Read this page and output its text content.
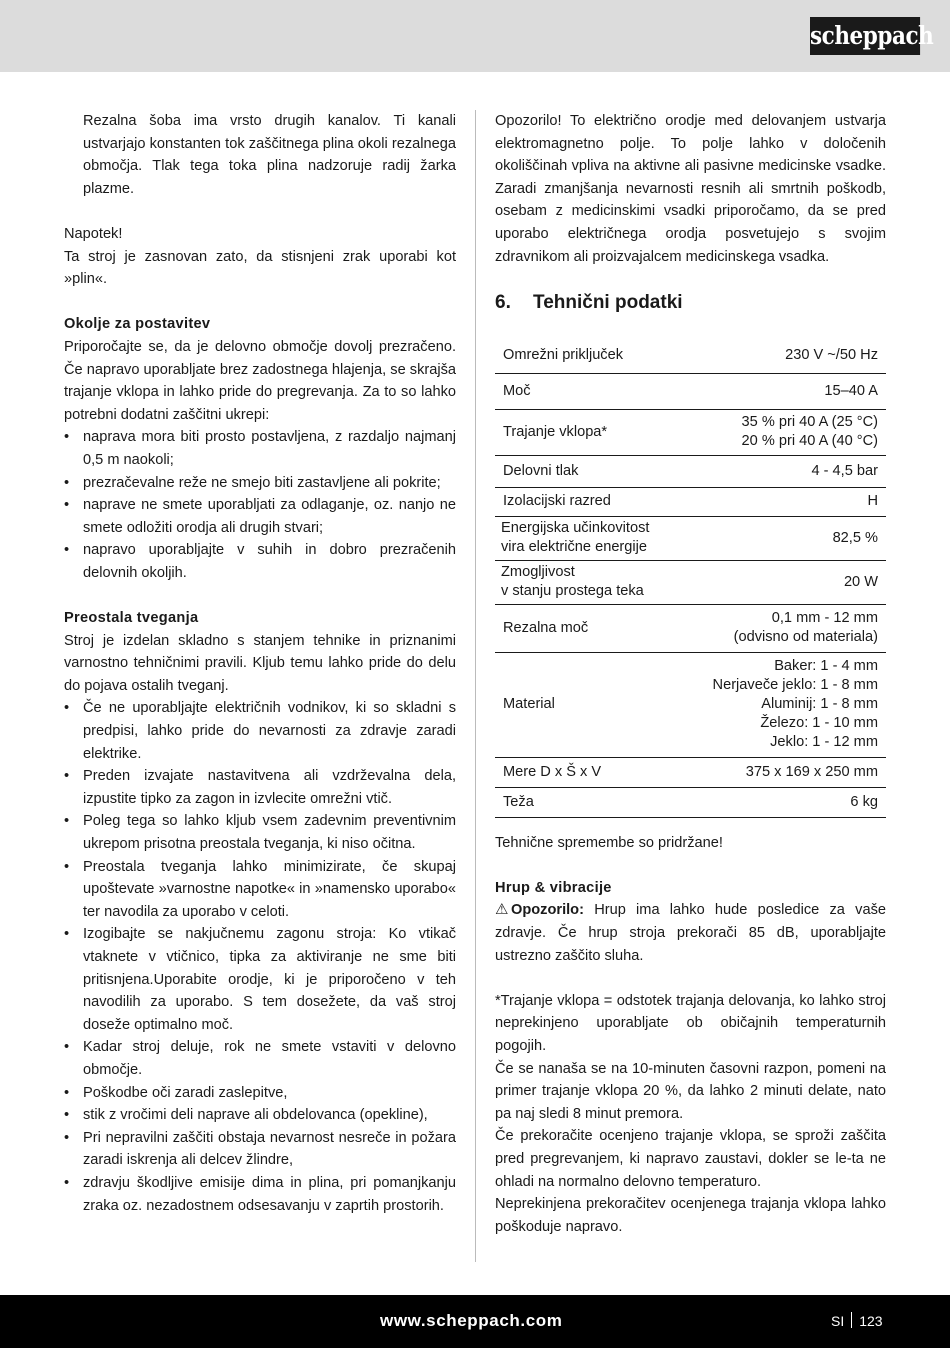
scheppach

Rezalna šoba ima vrsto drugih kanalov. Ti kanali ustvarjajo konstanten tok zaščitnega plina okoli rezalnega območja. Tlak tega toka plina nadzoruje radij žarka plazme.

Napotek!

Ta stroj je zasnovan zato, da stisnjeni zrak uporabi kot »plin«.

Okolje za postavitev

Priporočajte se, da je delovno območje dovolj prezračeno. Če napravo uporabljate brez zadostnega hlajenja, se skrajša trajanje vklopa in lahko pride do pregrevanja. Za to so lahko potrebni dodatni zaščitni ukrepi:

• naprava mora biti prosto postavljena, z razdaljo najmanj 0,5 m naokoli;
• prezračevalne reže ne smejo biti zastavljene ali pokrite;
• naprave ne smete uporabljati za odlaganje, oz. nanjo ne smete odložiti orodja ali drugih stvari;
• napravo uporabljajte v suhih in dobro prezračenih delovnih okoljih.

Preostala tveganja

Stroj je izdelan skladno s stanjem tehnike in priznanimi varnostno tehničnimi pravili. Kljub temu lahko pride do delu do pojava ostalih tveganj.

• Če ne uporabljajte električnih vodnikov, ki so skladni s predpisi, lahko pride do nevarnosti za zdravje zaradi elektrike.
• Preden izvajate nastavitvena ali vzdrževalna dela, izpustite tipko za zagon in izvlecite omrežni vtič.
• Poleg tega so lahko kljub vsem zadevnim preventivnim ukrepom prisotna preostala tveganja, ki niso očitna.
• Preostala tveganja lahko minimizirate, če skupaj upoštevate »varnostne napotke« in »namensko uporabo« ter navodila za uporabo v celoti.
• Izogibajte se nakjučnemu zagonu stroja: Ko vtikač vtaknete v vtičnico, tipka za aktiviranje ne sme biti pritisnjena.Uporabite orodje, ki je priporočeno v teh navodilih za uporabo. S tem dosežete, da vaš stroj doseže optimalno moč.
• Kadar stroj deluje, rok ne smete vstaviti v delovno območje.
• Poškodbe oči zaradi zaslepitve,
• stik z vročimi deli naprave ali obdelovanca (opekline),
• Pri nepravilni zaščiti obstaja nevarnost nesreče in požara zaradi iskrenja ali delcev žlindre,
• zdravju škodljive emisije dima in plina, pri pomanjkanju zraka oz. nezadostnem odsesavanju v zaprtih prostorih.

Opozorilo! To električno orodje med delovanjem ustvarja elektromagnetno polje. To polje lahko v določenih okoliščinah vpliva na aktivne ali pasivne medicinske vsadke. Zaradi zmanjšanja nevarnosti resnih ali smrtnih poškodb, osebam z medicinskimi vsadki priporočamo, da se pred uporabo električnega orodja posvetujejo s svojim zdravnikom ali proizvajalcem medicinskega vsadka.

6. Tehnični podatki
Omrežni priključek	230 V ~/50 Hz
Moč	15–40 A
Trajanje vklopa*	35 % pri 40 A (25 °C)
20 % pri 40 A (40 °C)

Delovni tlak	4 - 4,5 bar
Izolacijski razred	H

Energijska učinkovitost
vira električne energije	82,5 %

Zmogljivost
v stanju prostega teka	20 W
Rezalna moč	0,1 mm - 12 mm
(odvisno od materiala)

Material	Baker: 1 - 4 mm
Nerjaveče jeklo: 1 - 8 mm
Aluminij: 1 - 8 mm
Železo: 1 - 10 mm
Jeklo: 1 - 12 mm

Mere D x Š x V	375 x 169 x 250 mm
Teža	6 kg

Tehnične spremembe so pridržane!

Hrup & vibracije

⚠ Opozorilo: Hrup ima lahko hude posledice za vaše zdravje. Če hrup stroja prekorači 85 dB, uporabljajte ustrezno zaščito sluha.

*Trajanje vklopa = odstotek trajanja delovanja, ko lahko stroj neprekinjeno uporabljate ob običajnih temperaturnih pogojih.

Če se nanaša se na 10-minuten časovni razpon, pomeni na primer trajanje vklopa 20 %, da lahko 2 minuti delate, nato pa naj sledi 8 minut premora.

Če prekoračite ocenjeno trajanje vklopa, se sproži zaščita pred pregrevanjem, ki napravo zaustavi, dokler se le-ta ne ohladi na normalno delovno temperaturo.

Neprekinjena prekoračitev ocenjenega trajanja vklopa lahko poškoduje napravo.

www.scheppach.com	SI 123
